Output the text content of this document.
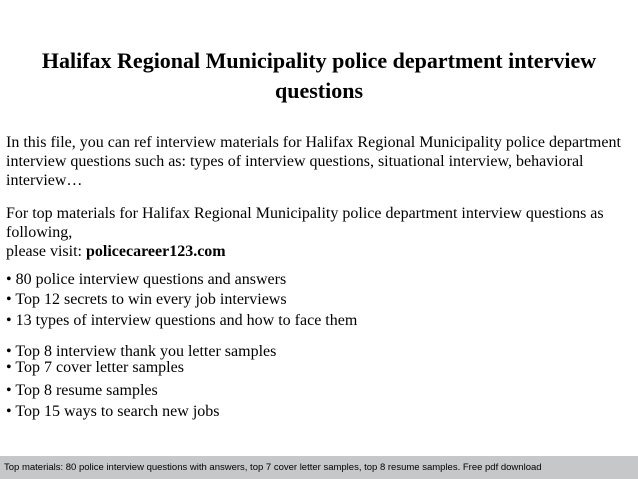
Halifax Regional Municipality police department interview questions

In this file, you can ref interview materials for Halifax Regional Municipality police department interview questions such as: types of interview questions, situational interview, behavioral interview…

For top materials for Halifax Regional Municipality police department interview questions as following,
please visit: policecareer123.com
• 80 police interview questions and answers
• Top 12 secrets to win every job interviews
• 13 types of interview questions and how to face them
• Top 8 interview thank you letter samples
• Top 7 cover letter samples
• Top 8 resume samples
• Top 15 ways to search new jobs
Top materials: 80 police interview questions with answers, top 7 cover letter samples, top 8 resume samples. Free pdf download
